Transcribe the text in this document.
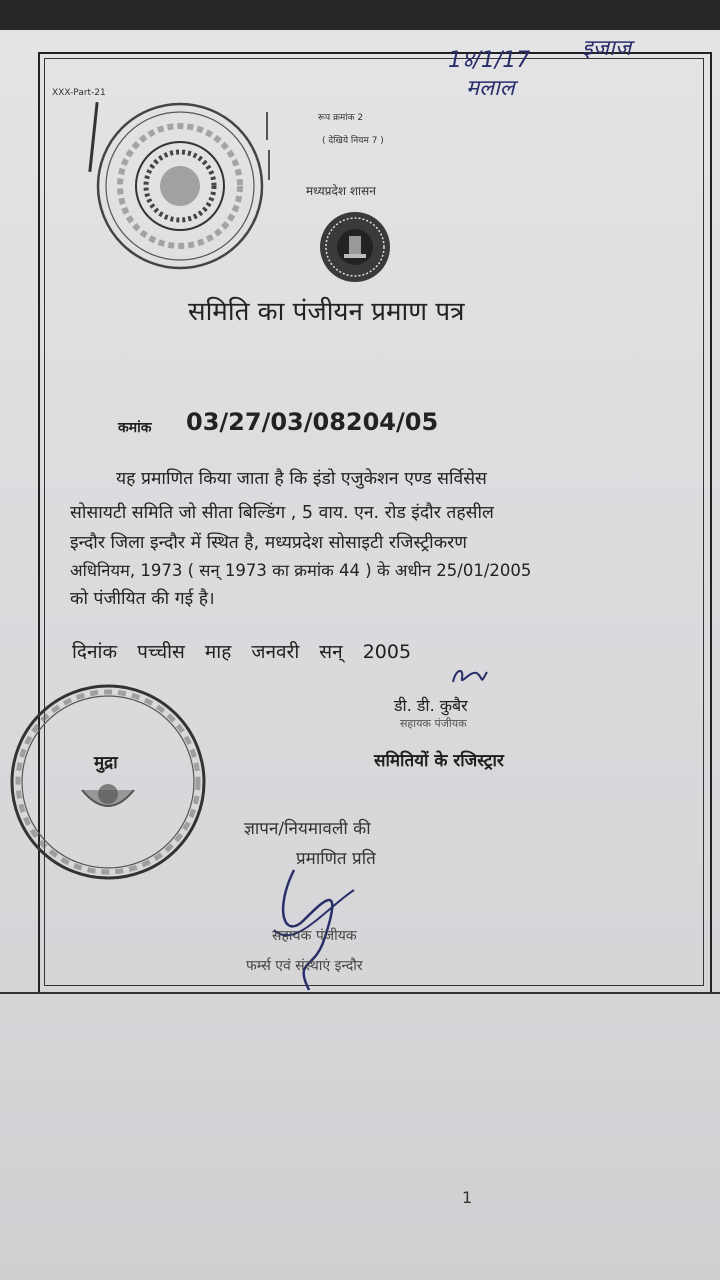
1४/1/17
मलाल
इजाज
XXX-Part-21
रूप क्रमांक 2
( देखिये नियम 7 )
मध्यप्रदेश शासन
समिति का पंजीयन प्रमाण पत्र
कमांक 03/27/03/08204/05
यह प्रमाणित किया जाता है कि इंडो एजुकेशन एण्ड सर्विसेस
सोसायटी समिति जो सीता बिल्डिंग , 5 वाय. एन. रोड इंदौर तहसील
इन्दौर जिला इन्दौर में स्थित है, मध्यप्रदेश सोसाइटी रजिस्ट्रीकरण
अधिनियम, 1973 ( सन् 1973 का क्रमांक 44 ) के अधीन 25/01/2005
को पंजीयित की गई है।
दिनांक पच्चीस माह जनवरी सन् 2005
डी. डी. कुबैर
सहायक पंजीयक
समितियों के रजिस्ट्रार
मुद्रा
ज्ञापन/नियमावली की
प्रमाणित प्रति
सहायक पंजीयक
फर्म्स एवं संस्थाएं इन्दौर
1
